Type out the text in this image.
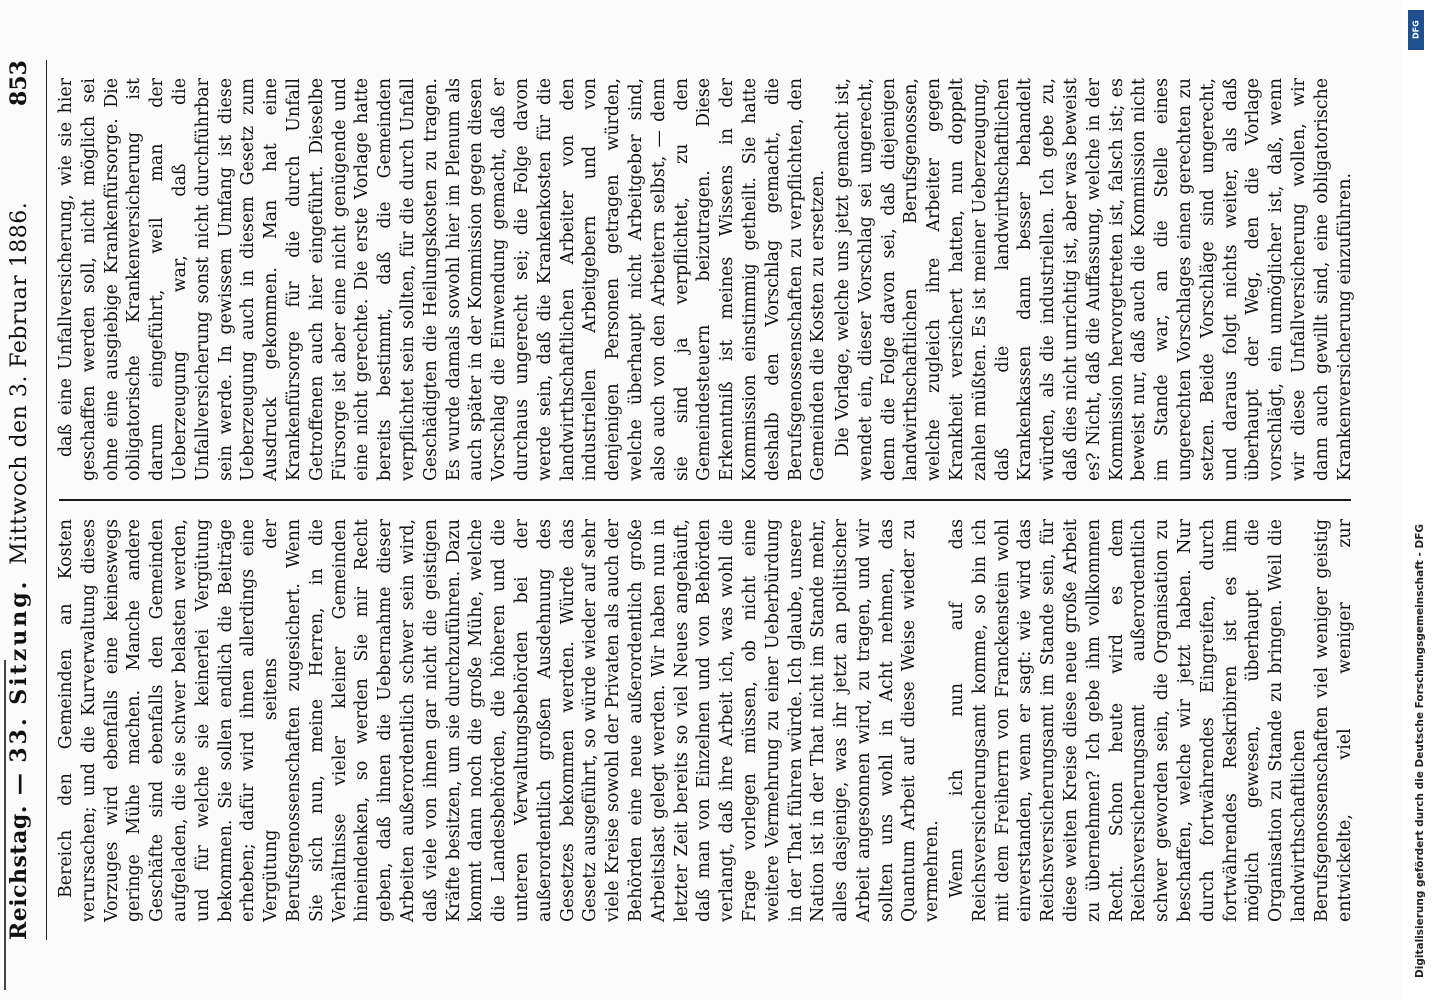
Reichstag.—33. Sitzung.Mittwoch den 3. Februar 1886.
853

Bereich den Gemeinden an Kosten verursachen; und die Kurverwaltung dieses Vorzuges wird ebenfalls eine keineswegs geringe Mühe machen. Manche andere Geschäfte sind ebenfalls den Gemeinden aufgeladen, die sie schwer belasten werden, und für welche sie keinerlei Vergütung bekommen. Sie sollen endlich die Beiträge erheben; dafür wird ihnen allerdings eine Vergütung seitens der Berufsgenossenschaften zugesichert. Wenn Sie sich nun, meine Herren, in die Verhältnisse vieler kleiner Gemeinden hineindenken, so werden Sie mir Recht geben, daß ihnen die Uebernahme dieser Arbeiten außerordentlich schwer sein wird, daß viele von ihnen gar nicht die geistigen Kräfte besitzen, um sie durchzuführen. Dazu kommt dann noch die große Mühe, welche die Landesbehörden, die höheren und die unteren Verwaltungsbehörden bei der außerordentlich großen Ausdehnung des Gesetzes bekommen werden. Würde das Gesetz ausgeführt, so würde wieder auf sehr viele Kreise sowohl der Privaten als auch der Behörden eine neue außerordentlich große Arbeitslast gelegt werden. Wir haben nun in letzter Zeit bereits so viel Neues angehäuft, daß man von Einzelnen und von Behörden verlangt, daß ihre Arbeit ich, was wohl die Frage vorlegen müssen, ob nicht eine weitere Vermehrung zu einer Ueberbürdung in der That führen würde. Ich glaube, unsere Nation ist in der That nicht im Stande mehr, alles dasjenige, was ihr jetzt an politischer Arbeit angesonnen wird, zu tragen, und wir sollten uns wohl in Acht nehmen, das Quantum Arbeit auf diese Weise wieder zu vermehren. Wenn ich nun auf das Reichsversicherungsamt komme, so bin ich mit dem Freiherrn von Franckenstein wohl einverstanden, wenn er sagt: wie wird das Reichsversicherungsamt im Stande sein, für diese weiten Kreise diese neue große Arbeit zu übernehmen? Ich gebe ihm vollkommen Recht. Schon heute wird es dem Reichsversicherungsamt außerordentlich schwer geworden sein, die Organisation zu beschaffen, welche wir jetzt haben. Nur durch fortwährendes Eingreifen, durch fortwährendes Reskribiren ist es ihm möglich gewesen, überhaupt die Organisation zu Stande zu bringen. Weil die landwirthschaftlichen Berufsgenossenschaften viel weniger geistig entwickelte, viel weniger zur

daß eine Unfallversicherung, wie sie hier geschaffen werden soll, nicht möglich sei ohne eine ausgiebige Krankenfürsorge. Die obligatorische Krankenversicherung ist darum eingeführt, weil man der Ueberzeugung war, daß die Unfallversicherung sonst nicht durchführbar sein werde. In gewissem Umfang ist diese Ueberzeugung auch in diesem Gesetz zum Ausdruck gekommen. Man hat eine Krankenfürsorge für die durch Unfall Getroffenen auch hier eingeführt. Dieselbe Fürsorge ist aber eine nicht genügende und eine nicht gerechte. Die erste Vorlage hatte bereits bestimmt, daß die Gemeinden verpflichtet sein sollten, für die durch Unfall Geschädigten die Heilungskosten zu tragen. Es wurde damals sowohl hier im Plenum als auch später in der Kommission gegen diesen Vorschlag die Einwendung gemacht, daß er durchaus ungerecht sei; die Folge davon werde sein, daß die Krankenkosten für die landwirthschaftlichen Arbeiter von den industriellen Arbeitgebern und von denjenigen Personen getragen würden, welche überhaupt nicht Arbeitgeber sind, also auch von den Arbeitern selbst, — denn sie sind ja verpflichtet, zu den Gemeindesteuern beizutragen. Diese Erkenntniß ist meines Wissens in der Kommission einstimmig getheilt. Sie hatte deshalb den Vorschlag gemacht, die Berufsgenossenschaften zu verpflichten, den Gemeinden die Kosten zu ersetzen. Die Vorlage, welche uns jetzt gemacht ist, wendet ein, dieser Vorschlag sei ungerecht, denn die Folge davon sei, daß diejenigen landwirthschaftlichen Berufsgenossen, welche zugleich ihre Arbeiter gegen Krankheit versichert hatten, nun doppelt zahlen müßten. Es ist meiner Ueberzeugung, daß die landwirthschaftlichen Krankenkassen dann besser behandelt würden, als die industriellen. Ich gebe zu, daß dies nicht unrichtig ist, aber was beweist es? Nicht, daß die Auffassung, welche in der Kommission hervorgetreten ist, falsch ist; es beweist nur, daß auch die Kommission nicht im Stande war, an die Stelle eines ungerechten Vorschlages einen gerechten zu setzen. Beide Vorschläge sind ungerecht, und daraus folgt nichts weiter, als daß überhaupt der Weg, den die Vorlage vorschlägt, ein unmöglicher ist, daß, wenn wir diese Unfallversicherung wollen, wir dann auch gewillt sind, eine obligatorische Krankenversicherung einzuführen.

DFG
Digitalisierung gefördert durch die Deutsche Forschungsgemeinschaft - DFG
